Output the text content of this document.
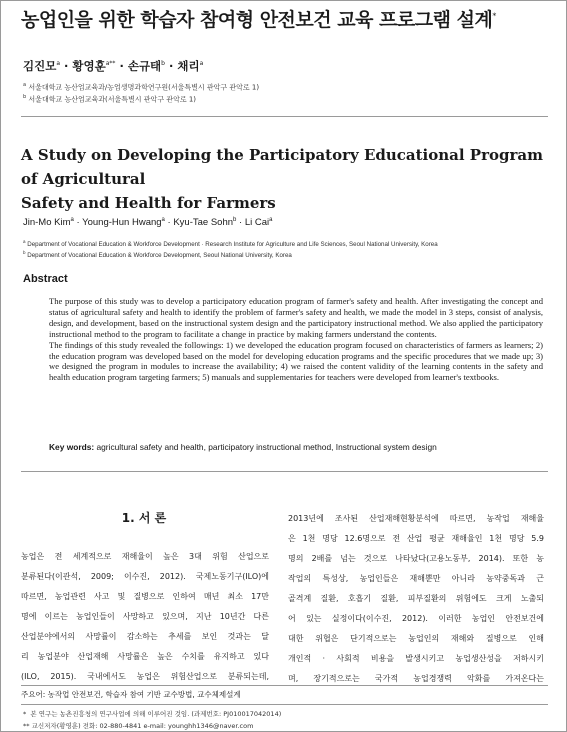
농업인을 위한 학습자 참여형 안전보건 교육 프로그램 설계*
김진모$^a$ · 황영훈$^{a**}$ · 손규태$^b$ · 채리$^a$
$^a$ 서울대학교 농산업교육과/농업생명과학연구원(서울특별시 관악구 관악로 1)
$^b$ 서울대학교 농산업교육과(서울특별시 관악구 관악로 1)
A Study on Developing the Participatory Educational Program of Agricultural
Safety and Health for Farmers
Jin-Mo Kim$^a$ · Young-Hun Hwang$^a$ · Kyu-Tae Sohn$^b$ · Li Cai$^a$
$^a$ Department of Vocational Education & Workforce Development · Research Institute for Agriculture and Life Sciences, Seoul National University, Korea
$^b$ Department of Vocational Education & Workforce Development, Seoul National University, Korea
Abstract

The purpose of this study was to develop a participatory education program of farmer's safety and health. After investigating the concept and status of agricultural safety and health to identify the problem of farmer's safety and health, we made the model in 3 steps, consist of analysis, design, and development, based on the instructional system design and the participatory instructional method. We also applied the participatory instructional method to the program to facilitate a change in practice by making farmers understand the contents.

The findings of this study revealed the followings: 1) we developed the education program focused on characteristics of farmers as learners; 2) the education program was developed based on the model for developing education programs and the specific procedures that we made up; 3) we designed the program in modules to increase the availability; 4) we raised the content validity of the learning contents in the safety and health education program targeting farmers; 5) manuals and supplementaries for teachers were developed from learner's textbooks.

Key words: agricultural safety and health, participatory instructional method, Instructional system design
1. 서 론
농업은 전 세계적으로 재해율이 높은 3대 위험 산업으로
분류된다(이관석, 2009; 이수진, 2012). 국제노동기구(ILO)에
따르면, 농업관련 사고 및 질병으로 인하여 매년 최소 17만
명에 이르는 농업인들이 사망하고 있으며, 지난 10년간 다른
산업분야에서의 사망률이 감소하는 추세를 보인 것과는 달
리 농업분야 산업재해 사망률은 높은 수치를 유지하고 있다
(ILO, 2015). 국내에서도 농업은 위험산업으로 분류되는데,
2013년에 조사된 산업재해현황분석에 따르면, 농작업 재해율
은 1천 명당 12.6명으로 전 산업 평균 재해율인 1천 명당 5.9
명의 2배를 넘는 것으로 나타났다(고용노동부, 2014). 또한 농
작업의 특성상, 농업인들은 재해뿐만 아니라 농약중독과 근
골격계 질환, 호흡기 질환, 피부질환의 위험에도 크게 노출되
어 있는 실정이다(이수진, 2012). 이러한 농업인 안전보건에
대한 위협은 단기적으로는 농업인의 재해와 질병으로 인해
개인적 · 사회적 비용을 발생시키고 농업생산성을 저하시키
며, 장기적으로는 국가적 농업경쟁력 악화를 가져온다는
주요어: 농작업 안전보건, 학습자 참여 기반 교수방법, 교수체제설계
* 본 연구는 농촌진흥청의 연구사업에 의해 이루어진 것임. (과제번호: PJ010017042014)
** 교신저자(황영훈) 전화: 02-880-4841 e-mail: younghh1346@naver.com
